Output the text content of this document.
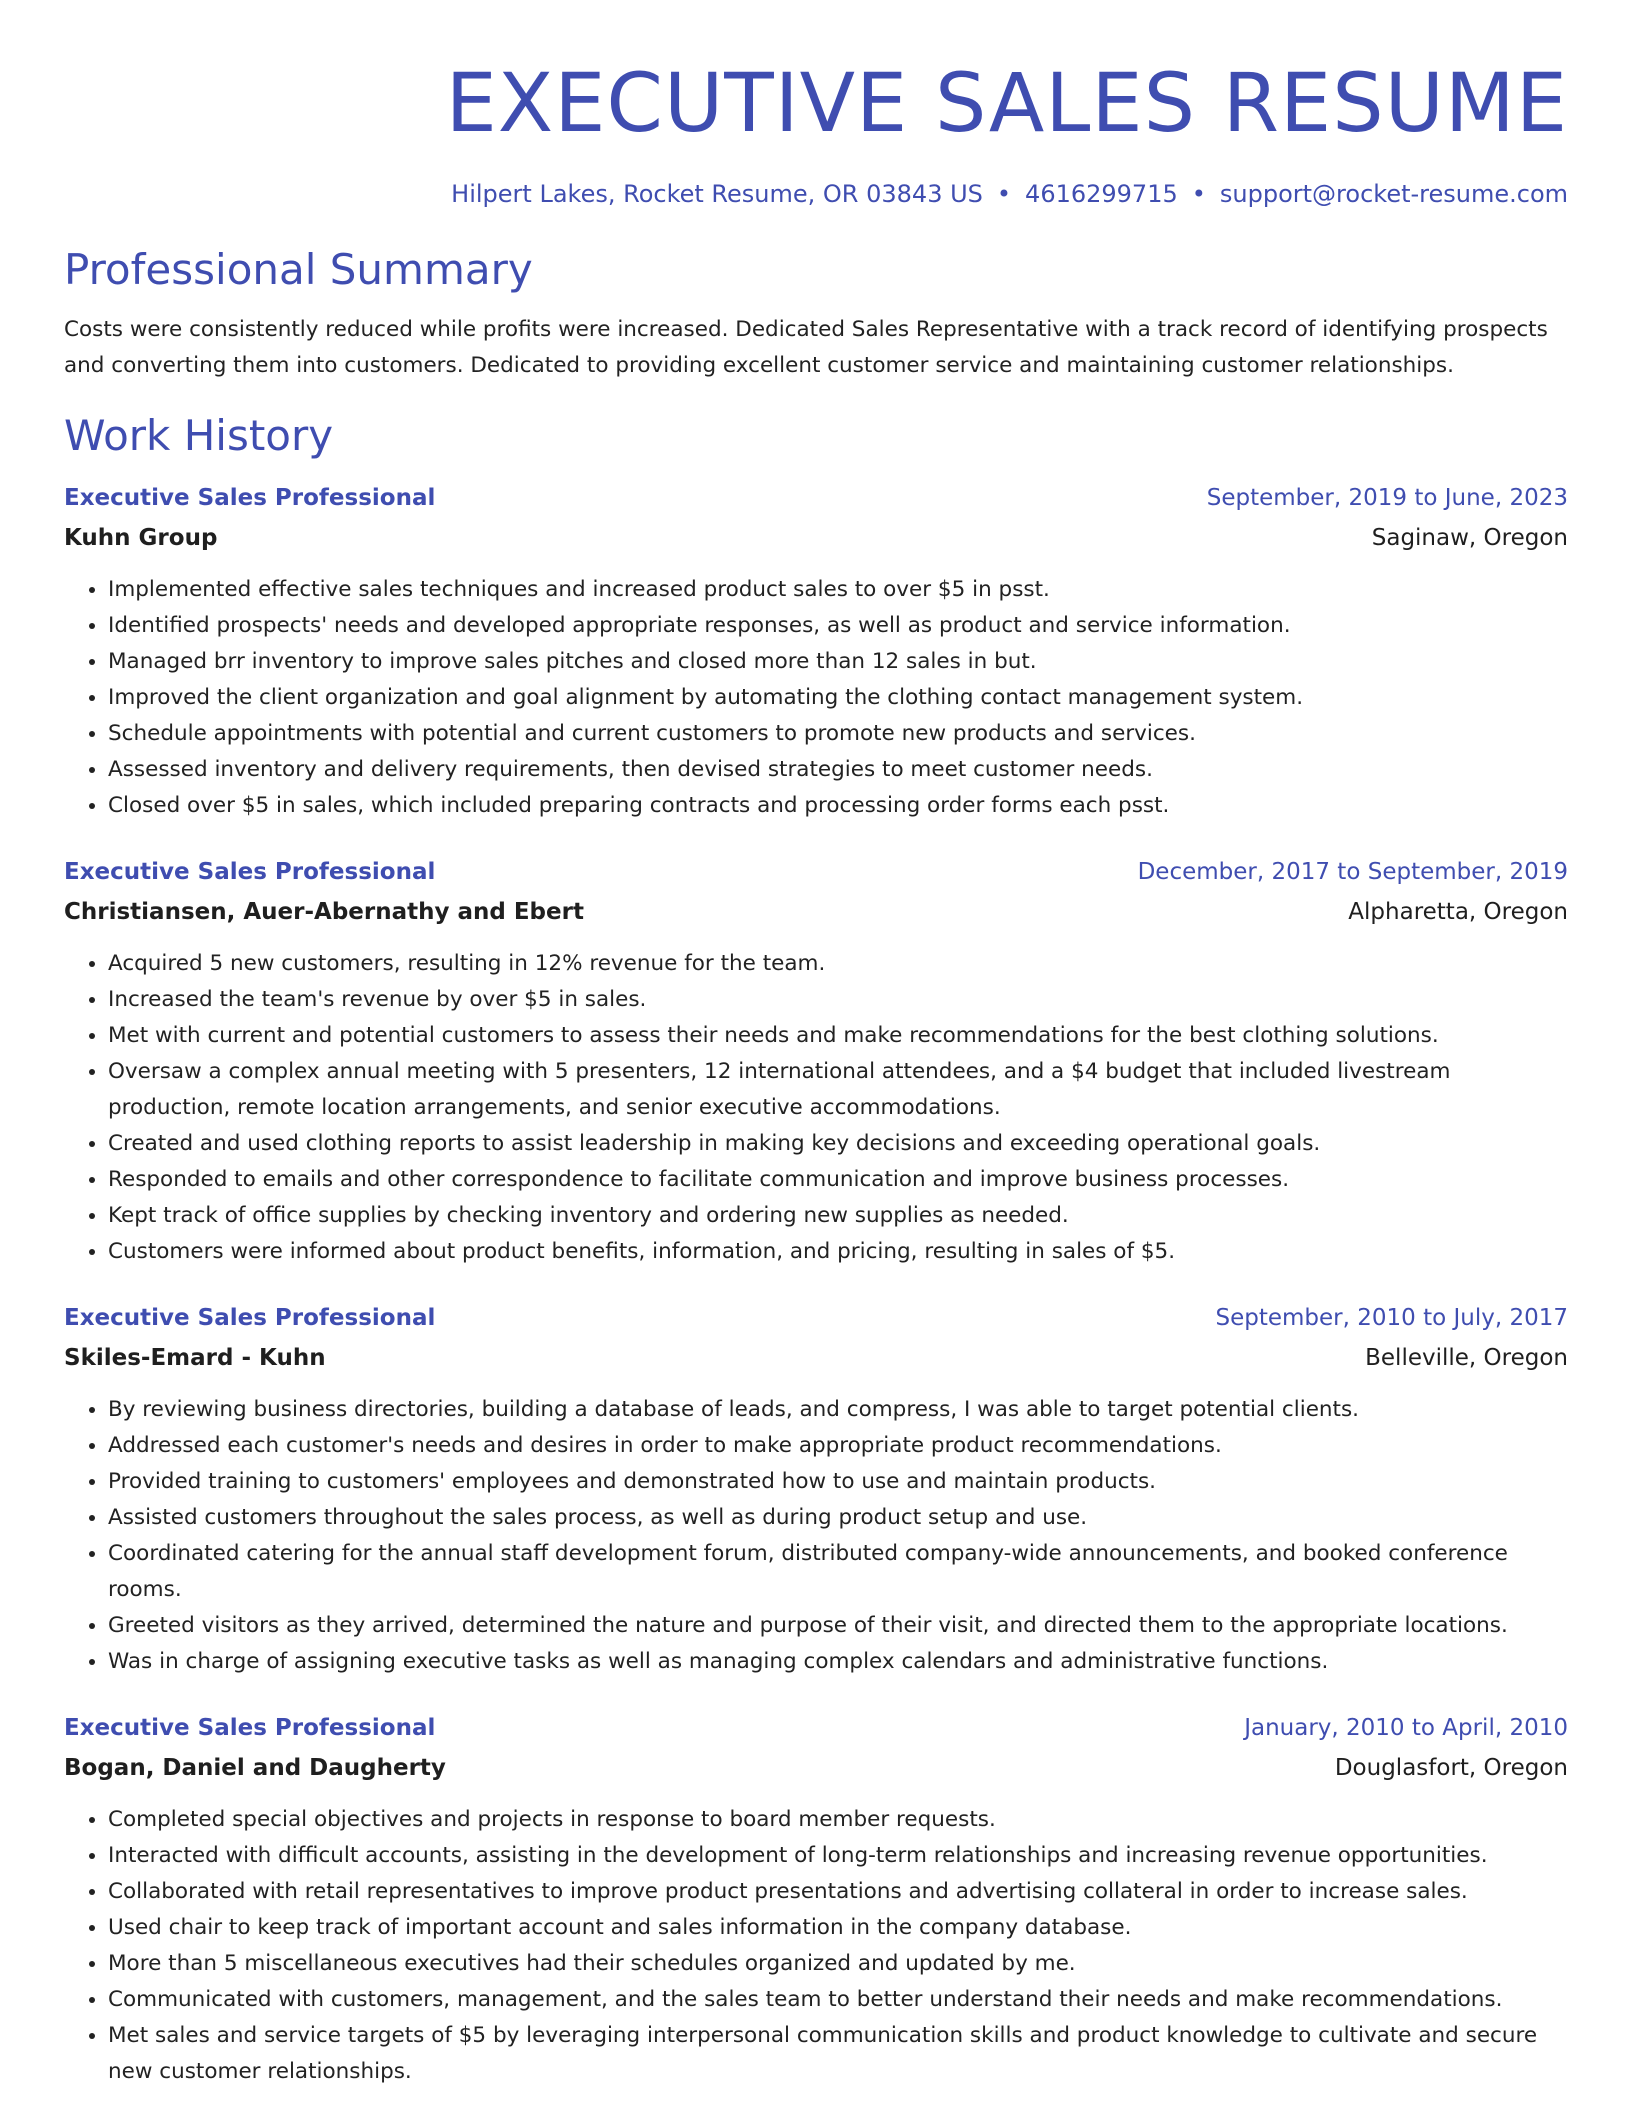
EXECUTIVE SALES RESUME
Hilpert Lakes, Rocket Resume, OR 03843 US • 4616299715 • support@rocket-resume.com
Professional Summary

Costs were consistently reduced while profits were increased. Dedicated Sales Representative with a track record of identifying prospects and converting them into customers. Dedicated to providing excellent customer service and maintaining customer relationships.

Work History
Executive Sales Professional	September, 2019 to June, 2023
Kuhn Group	Saginaw, Oregon
• Implemented effective sales techniques and increased product sales to over $5 in psst.
• Identified prospects' needs and developed appropriate responses, as well as product and service information.
• Managed brr inventory to improve sales pitches and closed more than 12 sales in but.
• Improved the client organization and goal alignment by automating the clothing contact management system.
• Schedule appointments with potential and current customers to promote new products and services.
• Assessed inventory and delivery requirements, then devised strategies to meet customer needs.
• Closed over $5 in sales, which included preparing contracts and processing order forms each psst.
Executive Sales Professional	December, 2017 to September, 2019
Christiansen, Auer-Abernathy and Ebert	Alpharetta, Oregon
• Acquired 5 new customers, resulting in 12% revenue for the team.
• Increased the team's revenue by over $5 in sales.
• Met with current and potential customers to assess their needs and make recommendations for the best clothing solutions.
• Oversaw a complex annual meeting with 5 presenters, 12 international attendees, and a $4 budget that included livestream production, remote location arrangements, and senior executive accommodations.
• Created and used clothing reports to assist leadership in making key decisions and exceeding operational goals.
• Responded to emails and other correspondence to facilitate communication and improve business processes.
• Kept track of office supplies by checking inventory and ordering new supplies as needed.
• Customers were informed about product benefits, information, and pricing, resulting in sales of $5.
Executive Sales Professional	September, 2010 to July, 2017
Skiles-Emard - Kuhn	Belleville, Oregon
• By reviewing business directories, building a database of leads, and compress, I was able to target potential clients.
• Addressed each customer's needs and desires in order to make appropriate product recommendations.
• Provided training to customers' employees and demonstrated how to use and maintain products.
• Assisted customers throughout the sales process, as well as during product setup and use.
• Coordinated catering for the annual staff development forum, distributed company-wide announcements, and booked conference rooms.
• Greeted visitors as they arrived, determined the nature and purpose of their visit, and directed them to the appropriate locations.
• Was in charge of assigning executive tasks as well as managing complex calendars and administrative functions.
Executive Sales Professional	January, 2010 to April, 2010
Bogan, Daniel and Daugherty	Douglasfort, Oregon
• Completed special objectives and projects in response to board member requests.
• Interacted with difficult accounts, assisting in the development of long-term relationships and increasing revenue opportunities.
• Collaborated with retail representatives to improve product presentations and advertising collateral in order to increase sales.
• Used chair to keep track of important account and sales information in the company database.
• More than 5 miscellaneous executives had their schedules organized and updated by me.
• Communicated with customers, management, and the sales team to better understand their needs and make recommendations.
• Met sales and service targets of $5 by leveraging interpersonal communication skills and product knowledge to cultivate and secure new customer relationships.
